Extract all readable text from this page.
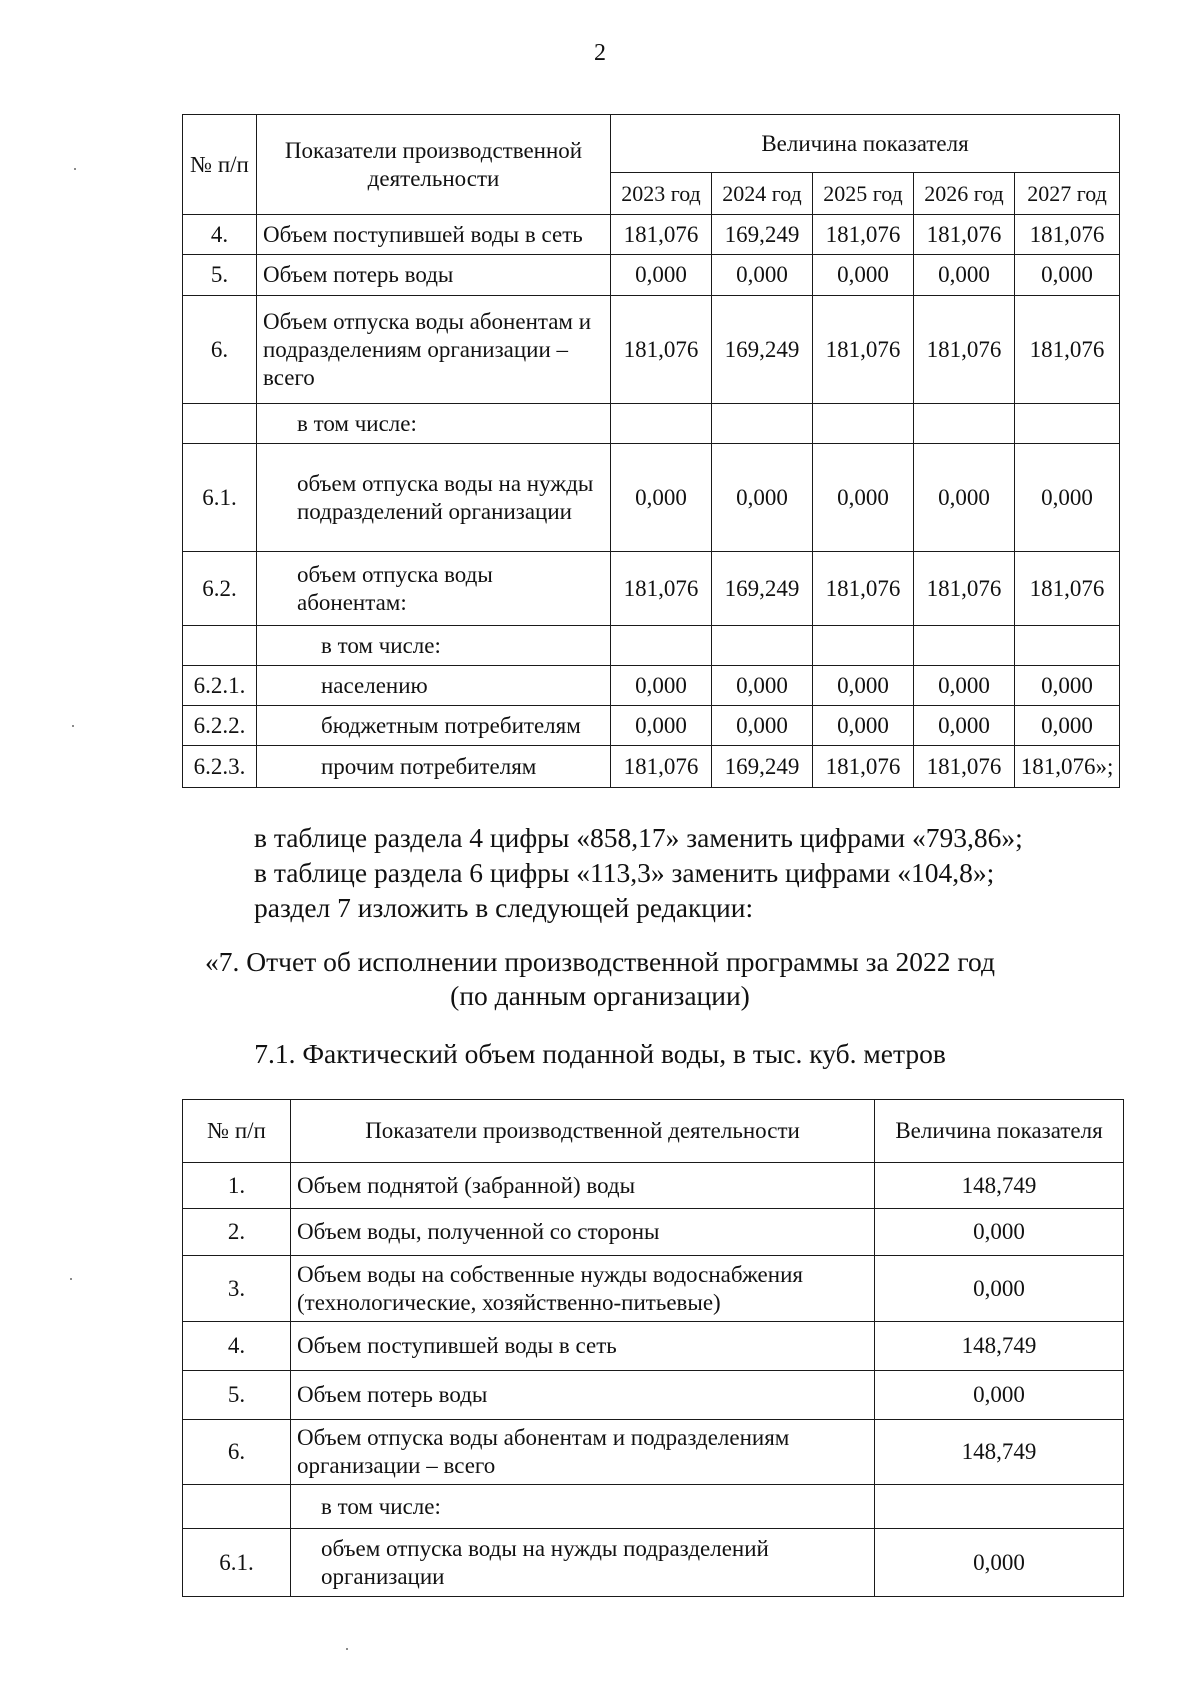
2
№ п/п	Показатели производственной деятельности	Величина показателя				
		2023 год	2024 год	2025 год	2026 год	2027 год
4.	Объем поступившей воды в сеть	181,076	169,249	181,076	181,076	181,076
5.	Объем потерь воды	0,000	0,000	0,000	0,000	0,000
6.	Объем отпуска воды абонентам и подразделениям организации – всего	181,076	169,249	181,076	181,076	181,076
	в том числе:					
6.1.	объем отпуска воды на нужды подразделений организации	0,000	0,000	0,000	0,000	0,000
6.2.	объем отпуска воды абонентам:	181,076	169,249	181,076	181,076	181,076
	в том числе:					
6.2.1.	населению	0,000	0,000	0,000	0,000	0,000
6.2.2.	бюджетным потребителям	0,000	0,000	0,000	0,000	0,000
6.2.3.	прочим потребителям	181,076	169,249	181,076	181,076	181,076»;
в таблице раздела 4 цифры «858,17» заменить цифрами «793,86»;
в таблице раздела 6 цифры «113,3» заменить цифрами «104,8»;
раздел 7 изложить в следующей редакции:
«7. Отчет об исполнении производственной программы за 2022 год
(по данным организации)
7.1. Фактический объем поданной воды, в тыс. куб. метров
№ п/п	Показатели производственной деятельности	Величина показателя
1.	Объем поднятой (забранной) воды	148,749
2.	Объем воды, полученной со стороны	0,000
3.	Объем воды на собственные нужды водоснабжения (технологические, хозяйственно-питьевые)	0,000
4.	Объем поступившей воды в сеть	148,749
5.	Объем потерь воды	0,000
6.	Объем отпуска воды абонентам и подразделениям организации – всего	148,749
	в том числе:	
6.1.	объем отпуска воды на нужды подразделений организации	0,000
